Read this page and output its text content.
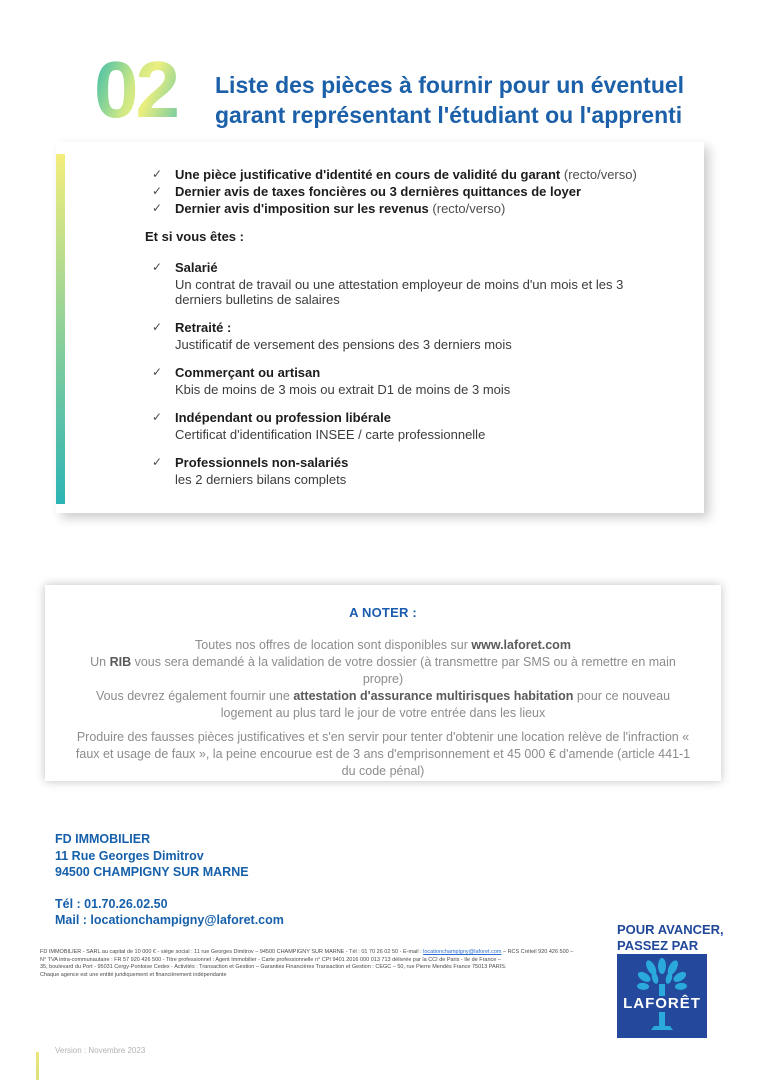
02 Liste des pièces à fournir pour un éventuel
garant représentant l'étudiant ou l'apprenti
✓ Une pièce justificative d'identité en cours de validité du garant (recto/verso)
✓ Dernier avis de taxes foncières ou 3 dernières quittances de loyer
✓ Dernier avis d'imposition sur les revenus (recto/verso)
Et si vous êtes :
✓ Salarié
Un contrat de travail ou une attestation employeur de moins d'un mois et les 3 derniers bulletins de salaires
✓ Retraité :
Justificatif de versement des pensions des 3 derniers mois
✓ Commerçant ou artisan
Kbis de moins de 3 mois ou extrait D1 de moins de 3 mois
✓ Indépendant ou profession libérale
Certificat d'identification INSEE / carte professionnelle
✓ Professionnels non-salariés
les 2 derniers bilans complets
A NOTER :
Toutes nos offres de location sont disponibles sur www.laforet.com
Un RIB vous sera demandé à la validation de votre dossier (à transmettre par SMS ou à remettre en main propre)
Vous devrez également fournir une attestation d'assurance multirisques habitation pour ce nouveau logement au plus tard le jour de votre entrée dans les lieux
Produire des fausses pièces justificatives et s'en servir pour tenter d'obtenir une location relève de l'infraction « faux et usage de faux », la peine encourue est de 3 ans d'emprisonnement et 45 000 € d'amende (article 441-1 du code pénal)
FD IMMOBILIER
11 Rue Georges Dimitrov
94500 CHAMPIGNY SUR MARNE
Tél : 01.70.26.02.50
Mail : locationchampigny@laforet.com
POUR AVANCER,
PASSEZ PAR
LAFORÊT
FD IMMOBILIER - SARL au capital de 10 000 € - siège social : 11 rue Georges Dimitrov – 94500 CHAMPIGNY SUR MARNE - Tél : 01 70 26 02 50 - E-mail : locationchampigny@laforet.com – RCS Créteil 920 426 500 –
N° TVA intra-communautaire : FR 57 920 426 500 - Titre professionnel : Agent Immobilier - Carte professionnelle n° CPI 9401 2016 000 013 713 délivrée par la CCI de Paris - Ile de France –
35, boulevard du Port - 95031 Cergy-Pontoise Cedex - Activités : Transaction et Gestion – Garanties Financières Transaction et Gestion : CEGC – 50, rue Pierre Mendès France 75013 PARIS.
Chaque agence est une entité juridiquement et financièrement indépendante
Version : Novembre 2023
